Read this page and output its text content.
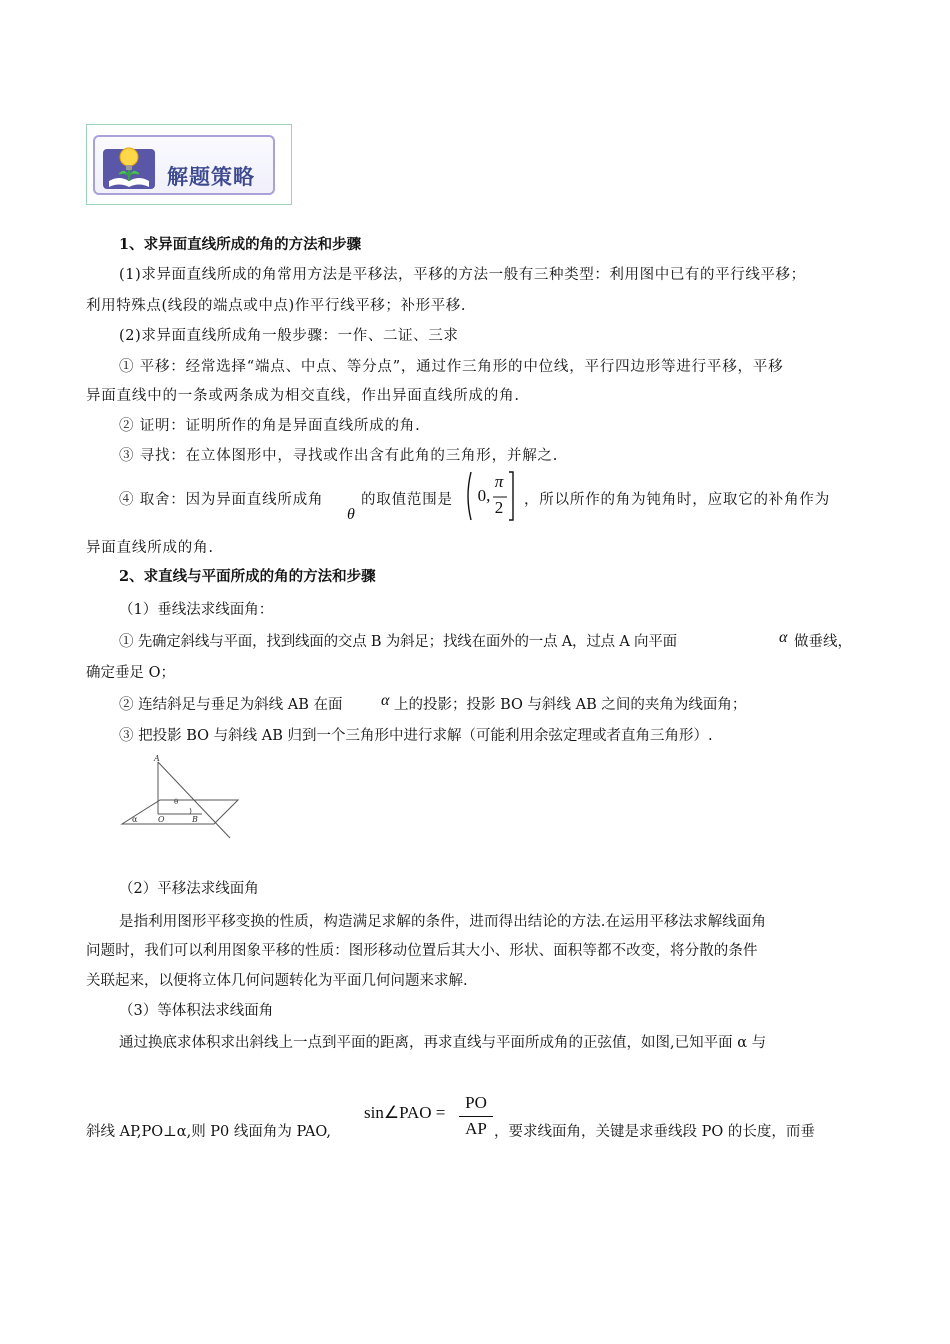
解题策略
1、求异面直线所成的角的方法和步骤
(1)求异面直线所成的角常用方法是平移法，平移的方法一般有三种类型：利用图中已有的平行线平移；
利用特殊点(线段的端点或中点)作平行线平移；补形平移.
(2)求异面直线所成角一般步骤：一作、二证、三求
① 平移：经常选择“端点、中点、等分点”，通过作三角形的中位线，平行四边形等进行平移，平移
异面直线中的一条或两条成为相交直线，作出异面直线所成的角.
② 证明：证明所作的角是异面直线所成的角.
③ 寻找：在立体图形中，寻找或作出含有此角的三角形，并解之.
④ 取舍：因为异面直线所成角
θ
的取值范围是 0,
π
2 ，所以所作的角为钝角时，应取它的补角作为
异面直线所成的角.
2、求直线与平面所成的角的方法和步骤
（1）垂线法求线面角：
① 先确定斜线与平面，找到线面的交点 B 为斜足；找线在面外的一点 A，过点 A 向平面	α 做垂线，
确定垂足 O；
② 连结斜足与垂足为斜线 AB 在面 α 上的投影；投影 BO 与斜线 AB 之间的夹角为线面角；
③ 把投影 BO 与斜线 AB 归到一个三角形中进行求解（可能利用余弦定理或者直角三角形）.
A
O	B
θ
α
（2）平移法求线面角
是指利用图形平移变换的性质，构造满足求解的条件，进而得出结论的方法.在运用平移法求解线面角
问题时，我们可以利用图象平移的性质：图形移动位置后其大小、形状、面积等都不改变，将分散的条件
关联起来，以便将立体几何问题转化为平面几何问题来求解.
（3）等体积法求线面角
通过换底求体积求出斜线上一点到平面的距离，再求直线与平面所成角的正弦值，如图,已知平面 α 与
斜线 AP,PO⊥α,则 P0 线面角为 PAO,
sin∠PAO =
PO
AP ，要求线面角，关键是求垂线段 PO 的长度，而垂
